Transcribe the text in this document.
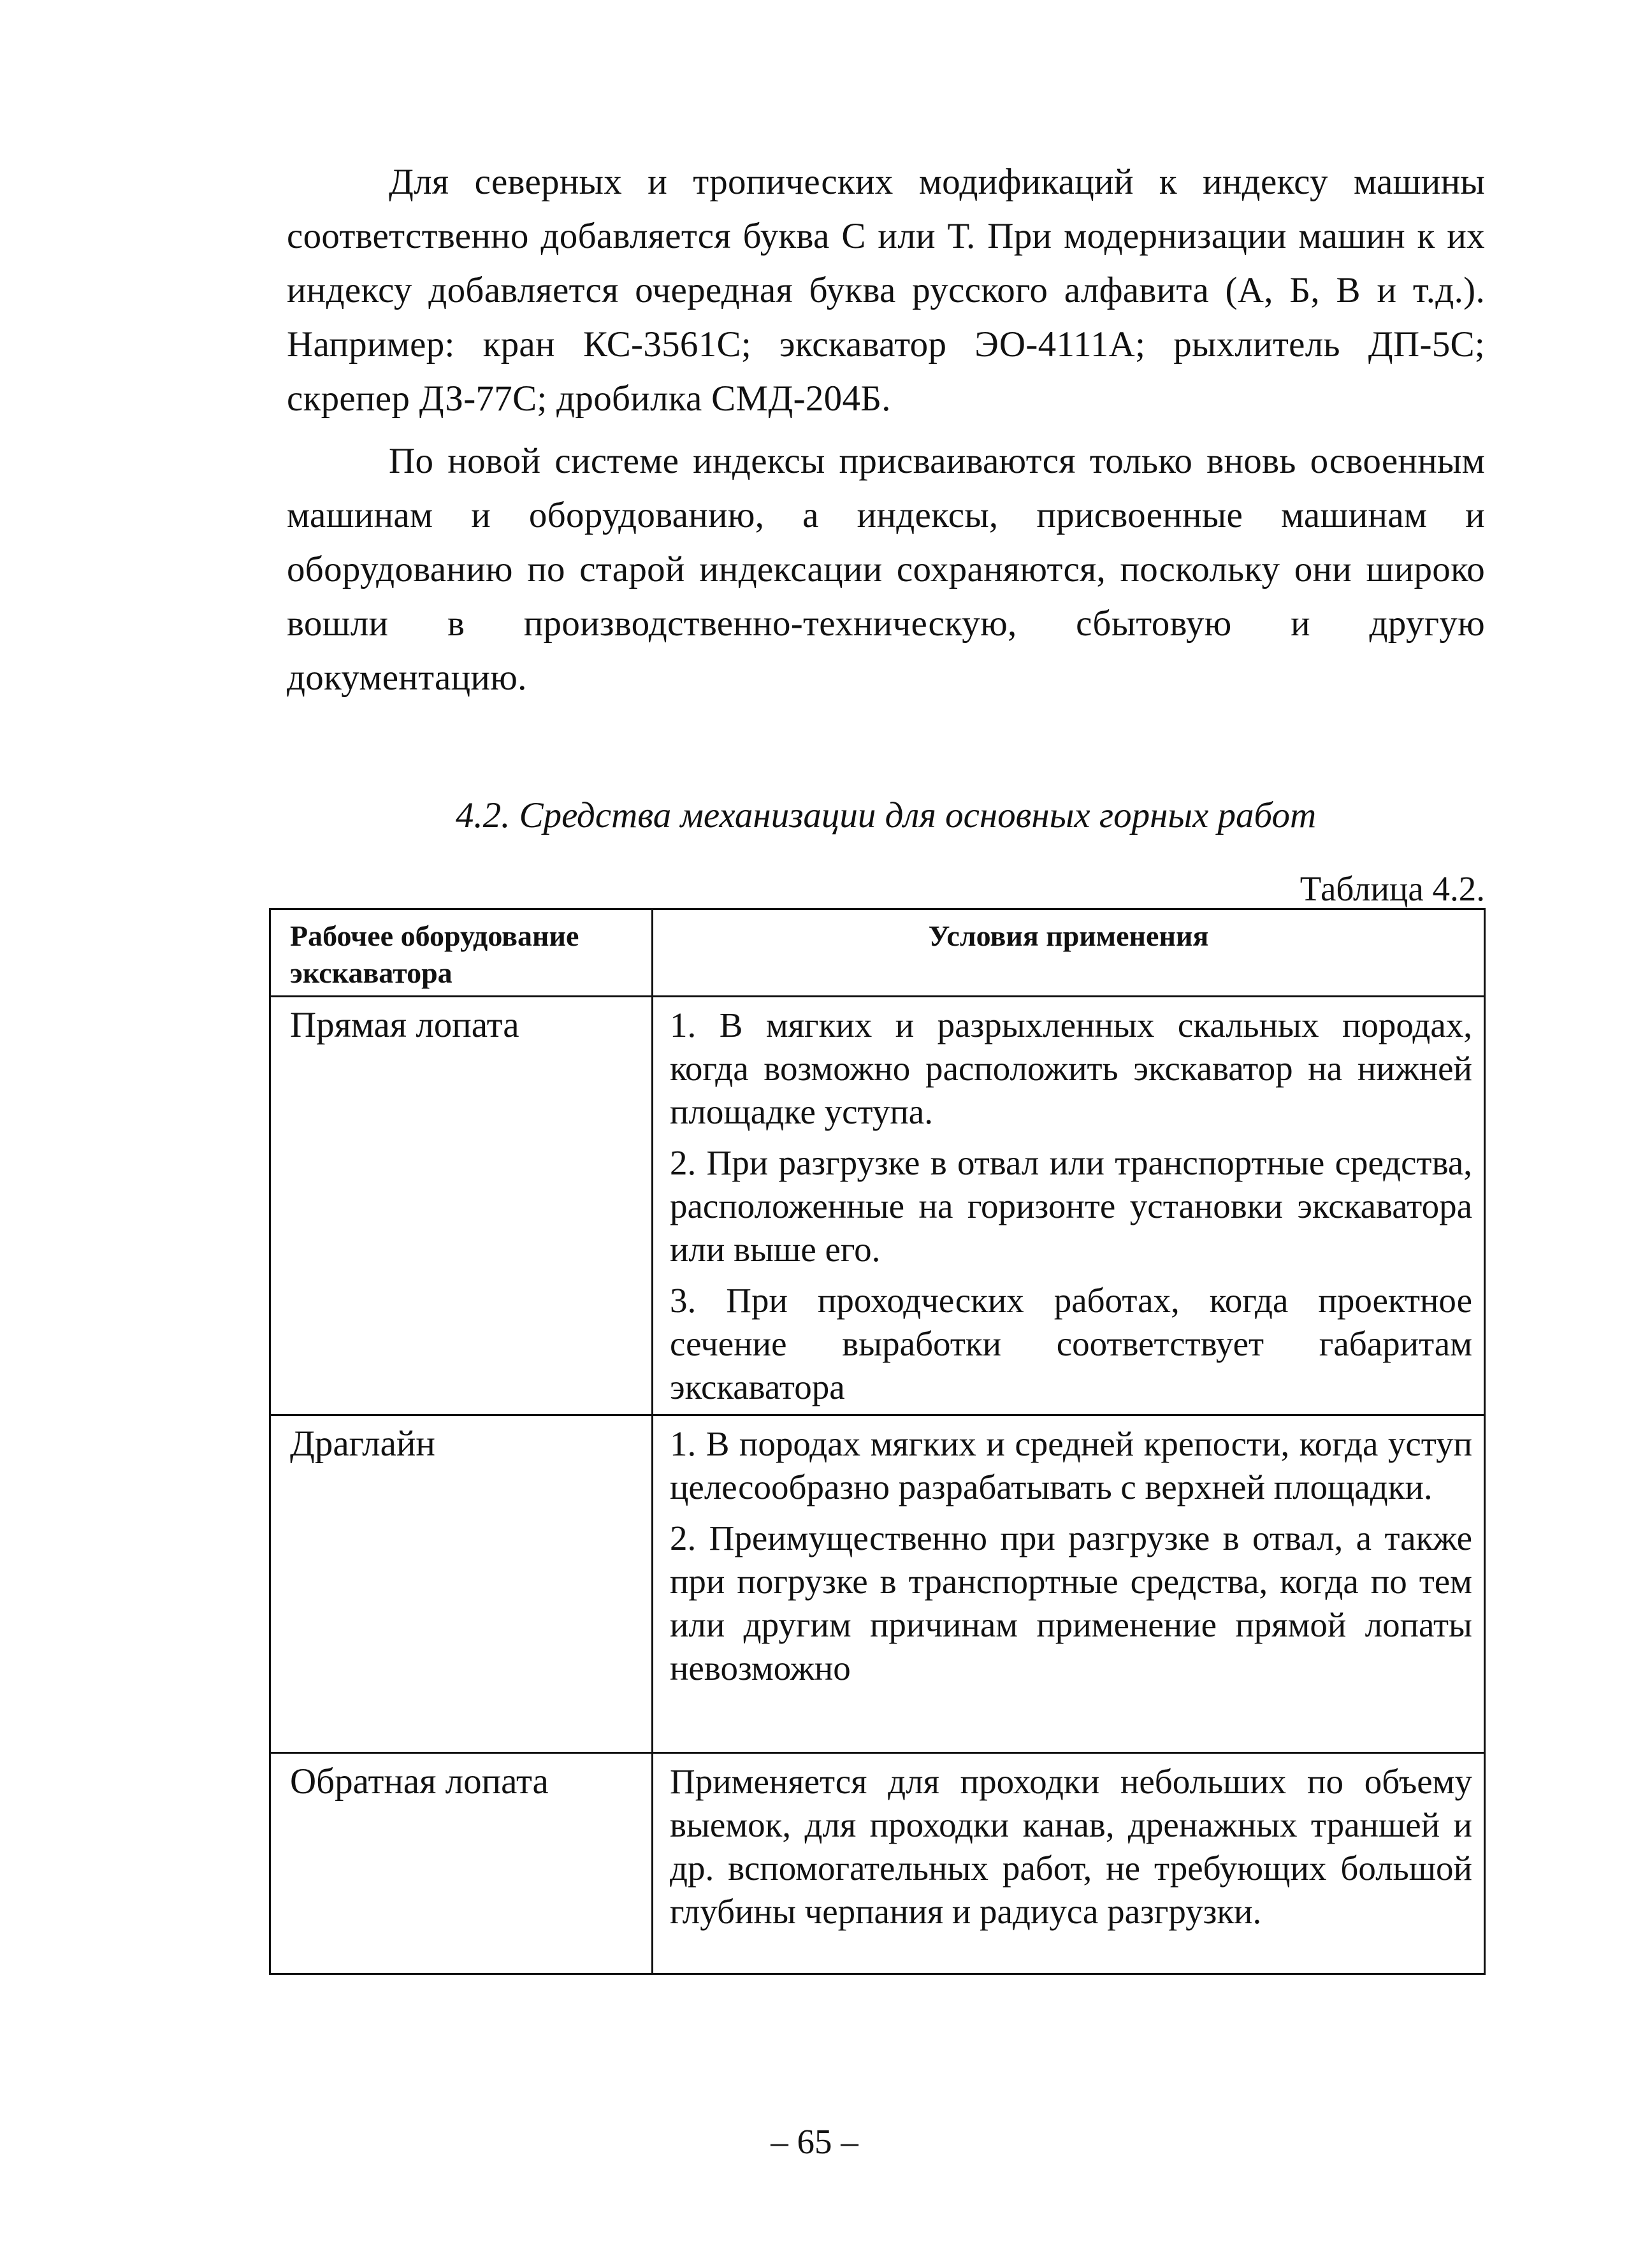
Для северных и тропических модификаций к индексу машины соответственно добавляется буква С или Т. При модернизации машин к их индексу добавляется очередная буква русского алфавита (А, Б, В и т.д.). Например: кран КС-3561С; экскаватор ЭО-4111А; рыхлитель ДП-5С; скрепер ДЗ-77С; дробилка СМД-204Б.

По новой системе индексы присваиваются только вновь освоенным машинам и оборудованию, а индексы, присвоенные машинам и оборудованию по старой индексации сохраняются, поскольку они широко вошли в производственно-техническую, сбытовую и другую документацию.

4.2. Средства механизации для основных горных работ

Таблица 4.2.

Рабочее оборудование экскаватора	Условия применения
Прямая лопата	1. В мягких и разрыхленных скальных породах, когда возможно расположить экскаватор на нижней площадке уступа.

2. При разгрузке в отвал или транспортные средства, расположенные на горизонте установки экскаватора или выше его.

3. При проходческих работах, когда проектное сечение выработки соответствует габаритам экскаватора

Драглайн	1. В породах мягких и средней крепости, когда уступ целесообразно разрабатывать с верхней площадки.

2. Преимущественно при разгрузке в отвал, а также при погрузке в транспортные средства, когда по тем или другим причинам применение прямой лопаты невозможно

Обратная лопата	Применяется для проходки небольших по объему выемок, для проходки канав, дренажных траншей и др. вспомогательных работ, не требующих большой глубины черпания и радиуса разгрузки.

– 65 –
